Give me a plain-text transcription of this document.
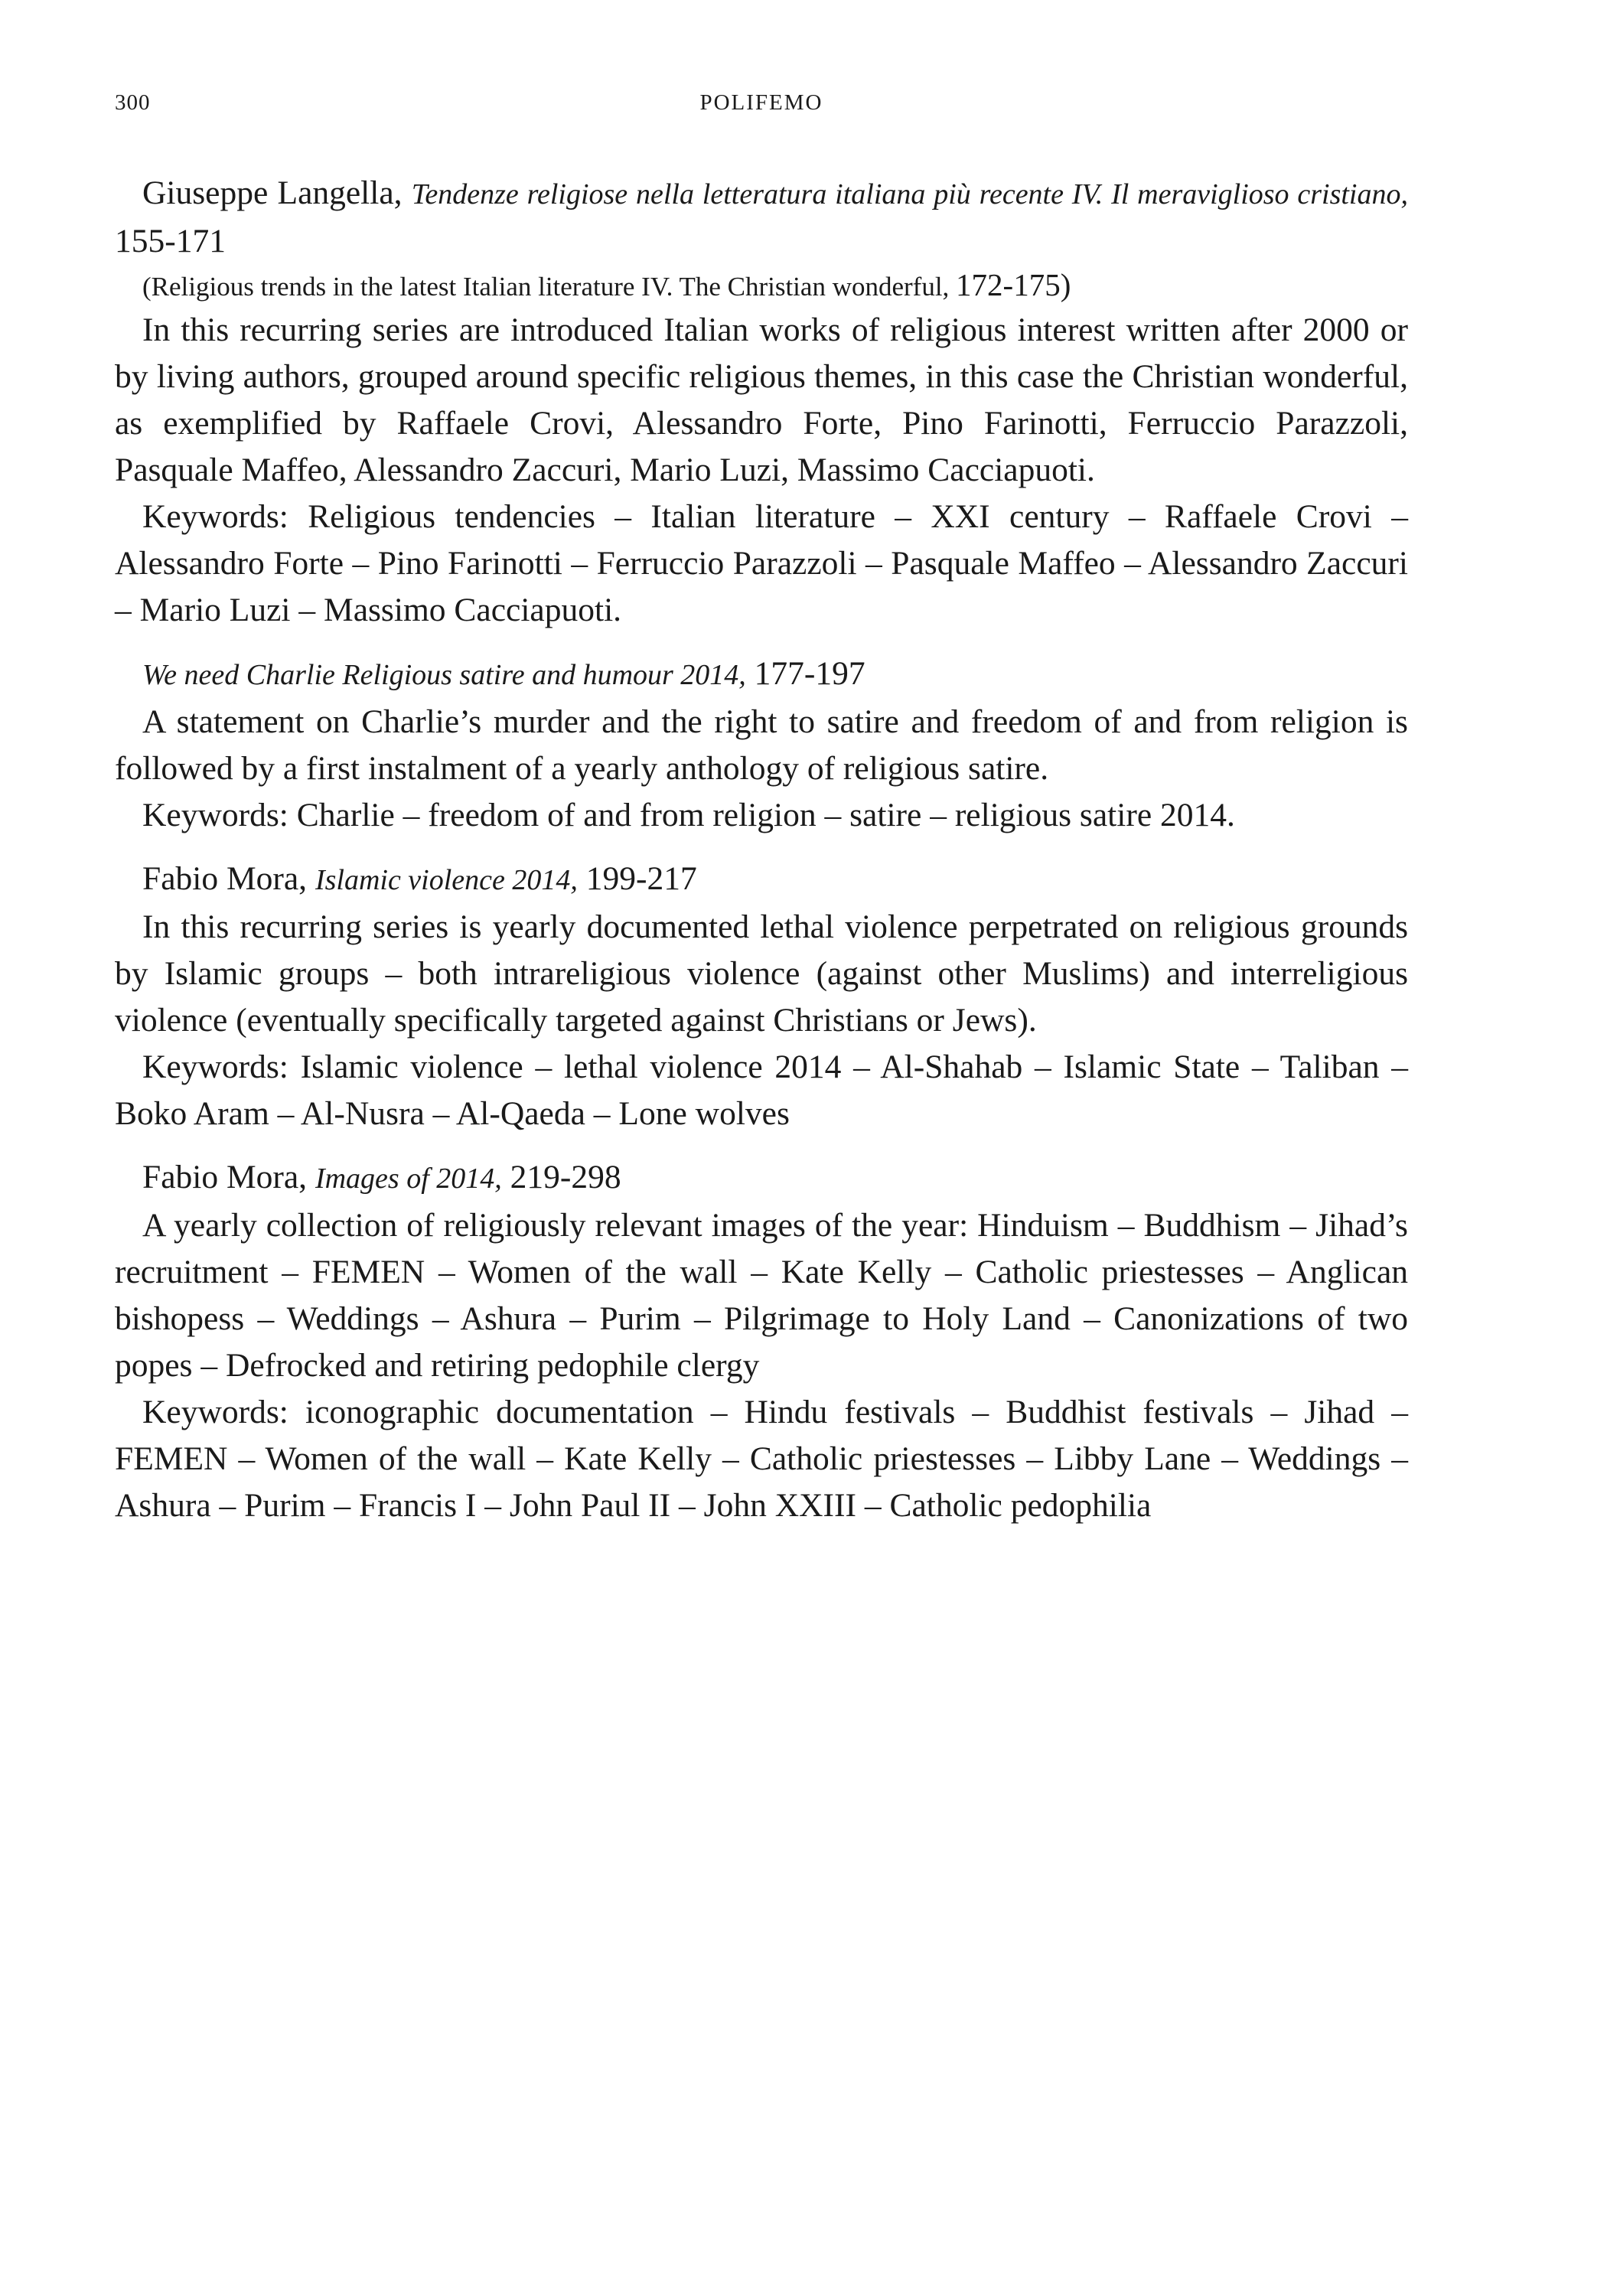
300	POLIFEMO

Giuseppe Langella, Tendenze religiose nella letteratura italiana più recente IV. Il meraviglioso cristiano, 155-171

(Religious trends in the latest Italian literature IV. The Christian wonderful, 172-175)

In this recurring series are introduced Italian works of religious interest written after 2000 or by living authors, grouped around specific religious themes, in this case the Christian wonderful, as exemplified by Raffaele Crovi, Alessandro Forte, Pino Farinotti, Ferruccio Parazzoli, Pasquale Maffeo, Alessandro Zaccuri, Mario Luzi, Massimo Cacciapuoti.

Keywords: Religious tendencies – Italian literature – XXI century – Raffaele Crovi – Alessandro Forte – Pino Farinotti – Ferruccio Parazzoli – Pasquale Maffeo – Alessandro Zaccuri – Mario Luzi – Massimo Cacciapuoti.

We need Charlie Religious satire and humour 2014, 177-197

A statement on Charlie’s murder and the right to satire and freedom of and from religion is followed by a first instalment of a yearly anthology of religious satire.

Keywords: Charlie – freedom of and from religion – satire – religious satire 2014.

Fabio Mora, Islamic violence 2014, 199-217

In this recurring series is yearly documented lethal violence perpetrated on religious grounds by Islamic groups – both intrareligious violence (against other Muslims) and interreligious violence (eventually specifically targeted against Christians or Jews).

Keywords: Islamic violence – lethal violence 2014 – Al-Shahab – Islamic State – Taliban – Boko Aram – Al-Nusra – Al-Qaeda – Lone wolves

Fabio Mora, Images of 2014, 219-298

A yearly collection of religiously relevant images of the year: Hinduism – Buddhism – Jihad’s recruitment – FEMEN – Women of the wall – Kate Kelly – Catholic priestesses – Anglican bishopess – Weddings – Ashura – Purim – Pilgrimage to Holy Land – Canonizations of two popes – Defrocked and retiring pedophile clergy

Keywords: iconographic documentation – Hindu festivals – Buddhist festivals – Jihad – FEMEN – Women of the wall – Kate Kelly – Catholic priestesses – Libby Lane – Weddings – Ashura – Purim – Francis I – John Paul II – John XXIII – Catholic pedophilia
